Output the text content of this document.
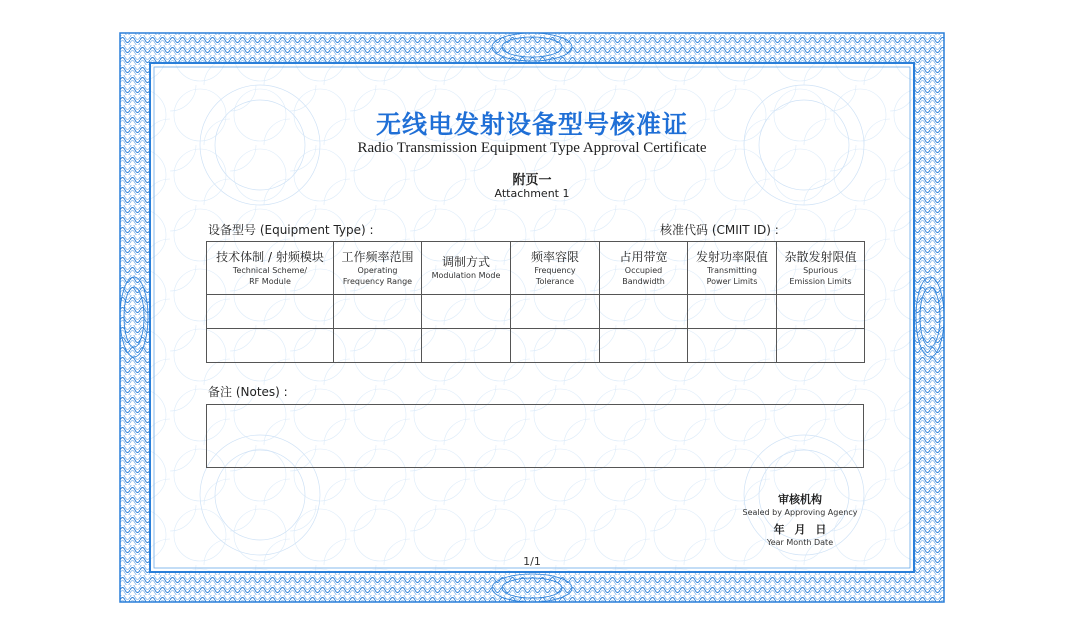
无线电发射设备型号核准证
Radio Transmission Equipment Type Approval Certificate
附页一
Attachment 1
设备型号 (Equipment Type) :	核准代码 (CMIIT ID) :
技术体制 / 射频模块
Technical Scheme/
RF Module	工作频率范围
Operating
Frequency Range	调制方式
Modulation Mode	频率容限
Frequency
Tolerance	占用带宽
Occupied
Bandwidth	发射功率限值
Transmitting
Power Limits	杂散发射限值
Spurious
Emission Limits

备注 (Notes) :
审核机构
Sealed by Approving Agency
年 月 日
Year Month Date
1/1
